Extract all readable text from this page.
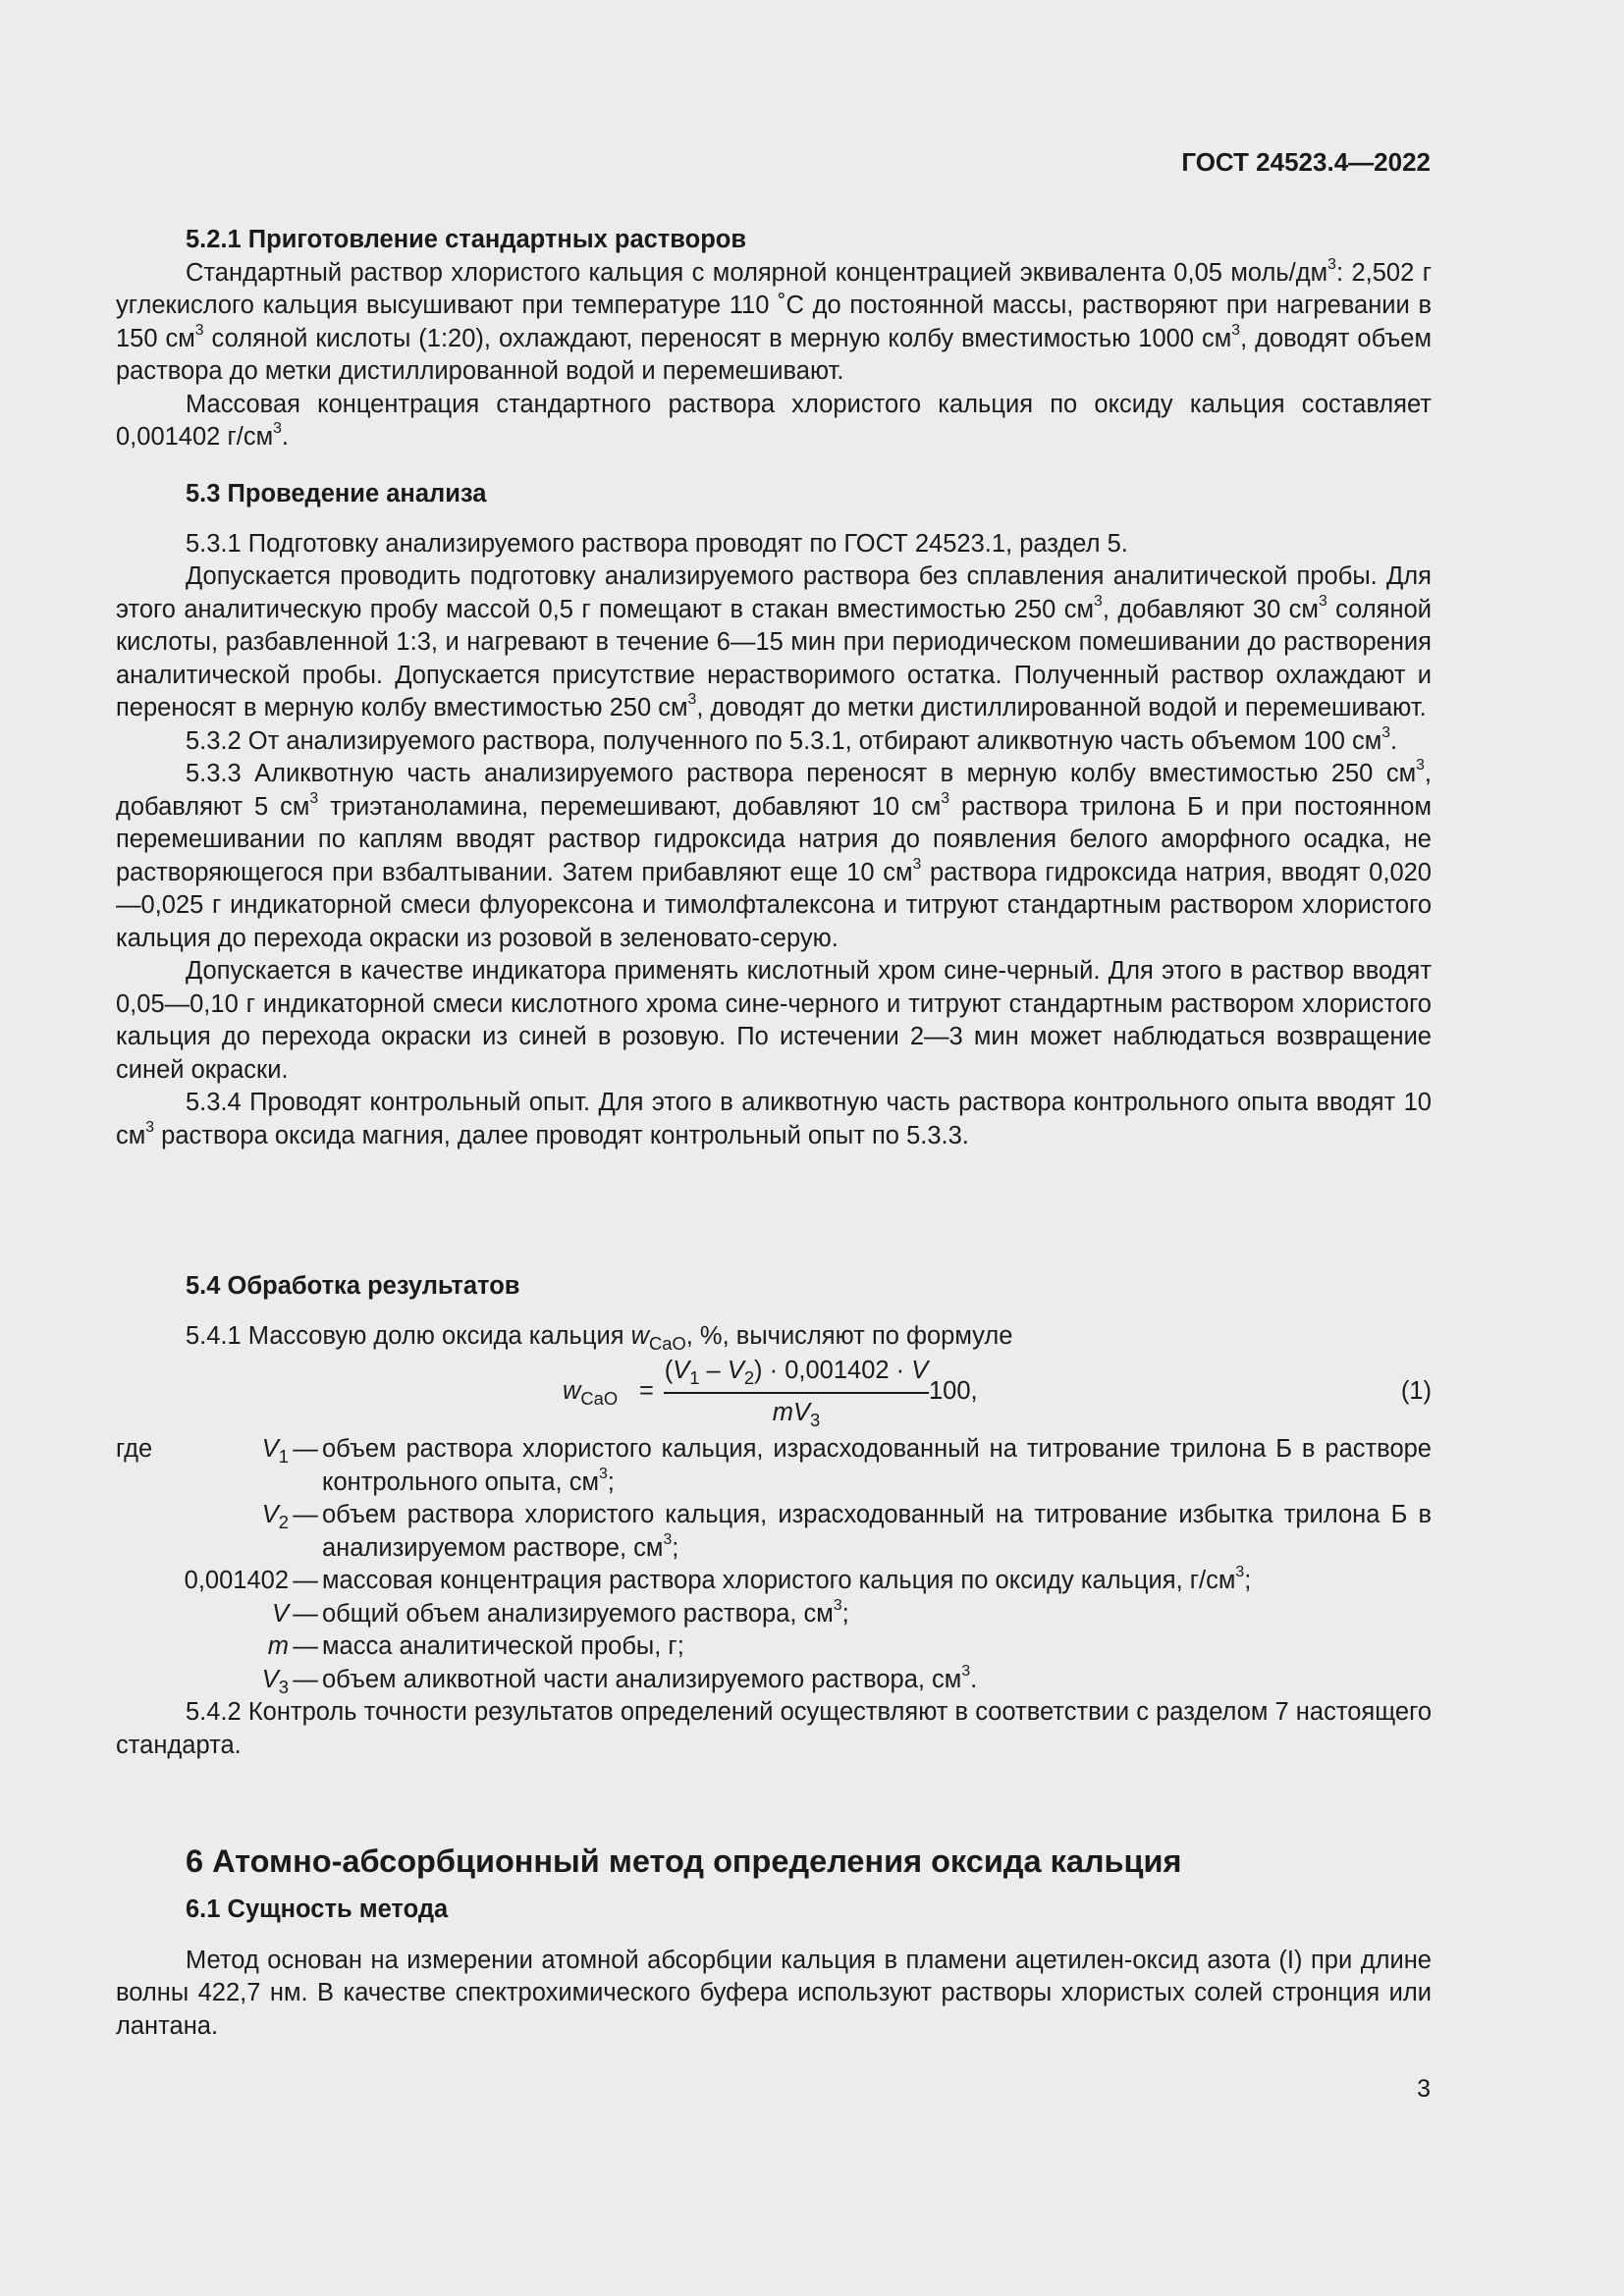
ГОСТ 24523.4—2022

5.2.1 Приготовление стандартных растворов

Стандартный раствор хлористого кальция с молярной концентрацией эквивалента 0,05 моль/$дм^3$: 2,502 г углекислого кальция высушивают при температуре 110 ˚С до постоянной массы, растворяют при нагревании в 150 $см^3$ соляной кислоты (1:20), охлаждают, переносят в мерную колбу вместимостью 1000 $см^3$, доводят объем раствора до метки дистиллированной водой и перемешивают.

Массовая концентрация стандартного раствора хлористого кальция по оксиду кальция составляет 0,001402 $г/см^3$.

5.3 Проведение анализа

5.3.1 Подготовку анализируемого раствора проводят по ГОСТ 24523.1, раздел 5.

Допускается проводить подготовку анализируемого раствора без сплавления аналитической пробы. Для этого аналитическую пробу массой 0,5 г помещают в стакан вместимостью 250 $см^3$, добавляют 30 $см^3$ соляной кислоты, разбавленной 1:3, и нагревают в течение 6—15 мин при периодическом помешивании до растворения аналитической пробы. Допускается присутствие нерастворимого остатка. Полученный раствор охлаждают и переносят в мерную колбу вместимостью 250 $см^3$, доводят до метки дистиллированной водой и перемешивают.

5.3.2 От анализируемого раствора, полученного по 5.3.1, отбирают аликвотную часть объемом 100 $см^3$.

5.3.3 Аликвотную часть анализируемого раствора переносят в мерную колбу вместимостью 250 $см^3$, добавляют 5 $см^3$ триэтаноламина, перемешивают, добавляют 10 $см^3$ раствора трилона Б и при постоянном перемешивании по каплям вводят раствор гидроксида натрия до появления белого аморфного осадка, не растворяющегося при взбалтывании. Затем прибавляют еще 10 $см^3$ раствора гидроксида натрия, вводят 0,020—0,025 г индикаторной смеси флуорексона и тимолфталексона и титруют стандартным раствором хлористого кальция до перехода окраски из розовой в зеленовато-серую.

Допускается в качестве индикатора применять кислотный хром сине-черный. Для этого в раствор вводят 0,05—0,10 г индикаторной смеси кислотного хрома сине-черного и титруют стандартным раствором хлористого кальция до перехода окраски из синей в розовую. По истечении 2—3 мин может наблюдаться возвращение синей окраски.

5.3.4 Проводят контрольный опыт. Для этого в аликвотную часть раствора контрольного опыта вводят 10 $см^3$ раствора оксида магния, далее проводят контрольный опыт по 5.3.3.

5.4 Обработка результатов

5.4.1 Массовую долю оксида кальция $w_{CaO}$, %, вычисляют по формуле

$w_{CaO}$ =
$(V_1 - V_2) \cdot 0,001402 \cdot V$
$mV_3$
100,	(1)
где	$V_1$ — объем раствора хлористого кальция, израсходованный на титрование трилона Б в растворе контрольного опыта, $см^3$;
$V_2$ — объем раствора хлористого кальция, израсходованный на титрование избытка трилона Б в анализируемом растворе, $см^3$;
0,001402 — массовая концентрация раствора хлористого кальция по оксиду кальция, $г/см^3$;
V — общий объем анализируемого раствора, $см^3$;
m — масса аналитической пробы, г;
$V_3$ — объем аликвотной части анализируемого раствора, $см^3$.

5.4.2 Контроль точности результатов определений осуществляют в соответствии с разделом 7 настоящего стандарта.

6 Атомно-абсорбционный метод определения оксида кальция

6.1 Сущность метода

Метод основан на измерении атомной абсорбции кальция в пламени ацетилен-оксид азота (I) при длине волны 422,7 нм. В качестве спектрохимического буфера используют растворы хлористых солей стронция или лантана.

3
